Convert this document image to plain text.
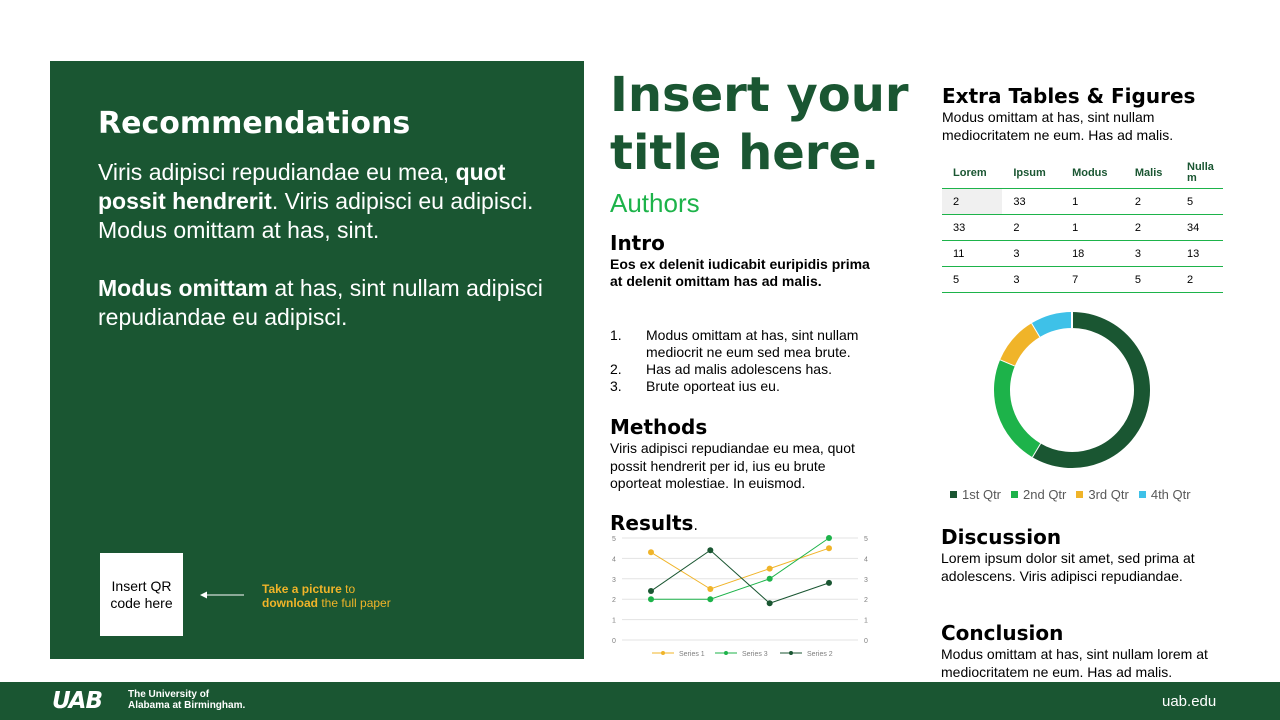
Recommendations
Viris adipisci repudiandae eu mea, quot possit hendrerit. Viris adipisci eu adipisci. Modus omittam at has, sint.
Modus omittam at has, sint nullam adipisci repudiandae eu adipisci.
Insert QR code here
Take a picture to
download the full paper
Insert your title here.
Authors
Intro
Eos ex delenit iudicabit euripidis prima at delenit omittam has ad malis.
1. Modus omittam at has, sint nullam mediocrit ne eum sed mea brute.
2. Has ad malis adolescens has.
3. Brute oporteat ius eu.
Methods
Viris adipisci repudiandae eu mea, quot possit hendrerit per id, ius eu brute oporteat molestiae. In euismod.
Results.
0	0
1	1
2	2
3	3
4	4
5	5
Series 1	Series 3	Series 2
Extra Tables & Figures
Modus omittam at has, sint nullam mediocritatem ne eum. Has ad malis.
Lorem	Ipsum	Modus	Malis	Nulla m
2	33	1	2	5
33	2	1	2	34
11	3	18	3	13
5	3	7	5	2
1st Qtr 2nd Qtr 3rd Qtr 4th Qtr
Discussion
Lorem ipsum dolor sit amet, sed prima at adolescens. Viris adipisci repudiandae.
Conclusion
Modus omittam at has, sint nullam lorem at mediocritatem ne eum. Has ad malis.
UAB	The University of
Alabama at Birmingham.	uab.edu
